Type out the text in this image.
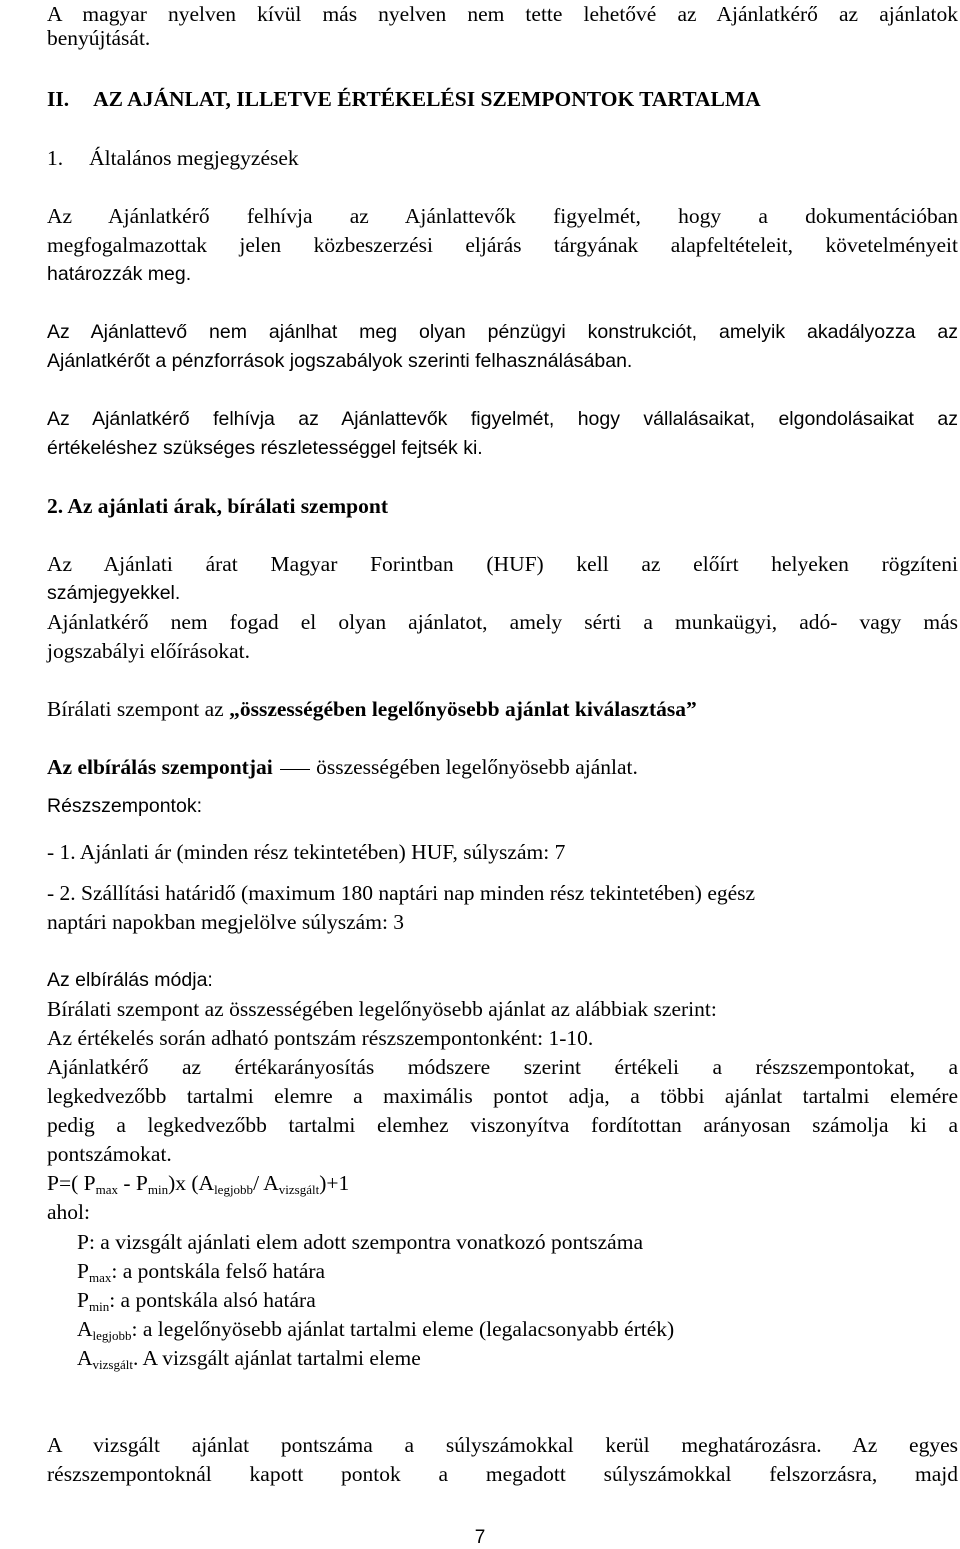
A magyar nyelven kívül más nyelven nem tette lehetővé az Ajánlatkérő az ajánlatok
benyújtását.
II. AZ AJÁNLAT, ILLETVE ÉRTÉKELÉSI SZEMPONTOK TARTALMA
1. Általános megjegyzések
Az Ajánlatkérő felhívja az Ajánlattevők figyelmét, hogy a dokumentációban
megfogalmazottak jelen közbeszerzési eljárás tárgyának alapfeltételeit, követelményeit
határozzák meg.
Az Ajánlattevő nem ajánlhat meg olyan pénzügyi konstrukciót, amelyik akadályozza az
Ajánlatkérőt a pénzforrások jogszabályok szerinti felhasználásában.
Az Ajánlatkérő felhívja az Ajánlattevők figyelmét, hogy vállalásaikat, elgondolásaikat az
értékeléshez szükséges részletességgel fejtsék ki.
2. Az ajánlati árak, bírálati szempont
Az Ajánlati árat Magyar Forintban (HUF) kell az előírt helyeken rögzíteni
számjegyekkel.
Ajánlatkérő nem fogad el olyan ajánlatot, amely sérti a munkaügyi, adó- vagy más
jogszabályi előírásokat.
Bírálati szempont az „összességében legelőnyösebb ajánlat kiválasztása”
Az elbírálás szempontjai összességében legelőnyösebb ajánlat.
Részszempontok:
- 1. Ajánlati ár (minden rész tekintetében) HUF, súlyszám: 7
- 2. Szállítási határidő (maximum 180 naptári nap minden rész tekintetében) egész
naptári napokban megjelölve súlyszám: 3
Az elbírálás módja:
Bírálati szempont az összességében legelőnyösebb ajánlat az alábbiak szerint:
Az értékelés során adható pontszám részszempontonként: 1-10.
Ajánlatkérő az értékarányosítás módszere szerint értékeli a részszempontokat, a
legkedvezőbb tartalmi elemre a maximális pontot adja, a többi ajánlat tartalmi elemére
pedig a legkedvezőbb tartalmi elemhez viszonyítva fordítottan arányosan számolja ki a
pontszámokat.
P=( $P_{max} - P_{min})x$ ($A_{legjobb}/$ $A_{vizsgált})+1$
ahol:
P: a vizsgált ajánlati elem adott szempontra vonatkozó pontszáma
$P_{max}$: a pontskála felső határa
$P_{min}$: a pontskála alsó határa
$A_{legjobb}$: a legelőnyösebb ajánlat tartalmi eleme (legalacsonyabb érték)
$A_{vizsgált}$. A vizsgált ajánlat tartalmi eleme
A vizsgált ajánlat pontszáma a súlyszámokkal kerül meghatározásra. Az egyes
részszempontoknál kapott pontok a megadott súlyszámokkal felszorzásra, majd
7
